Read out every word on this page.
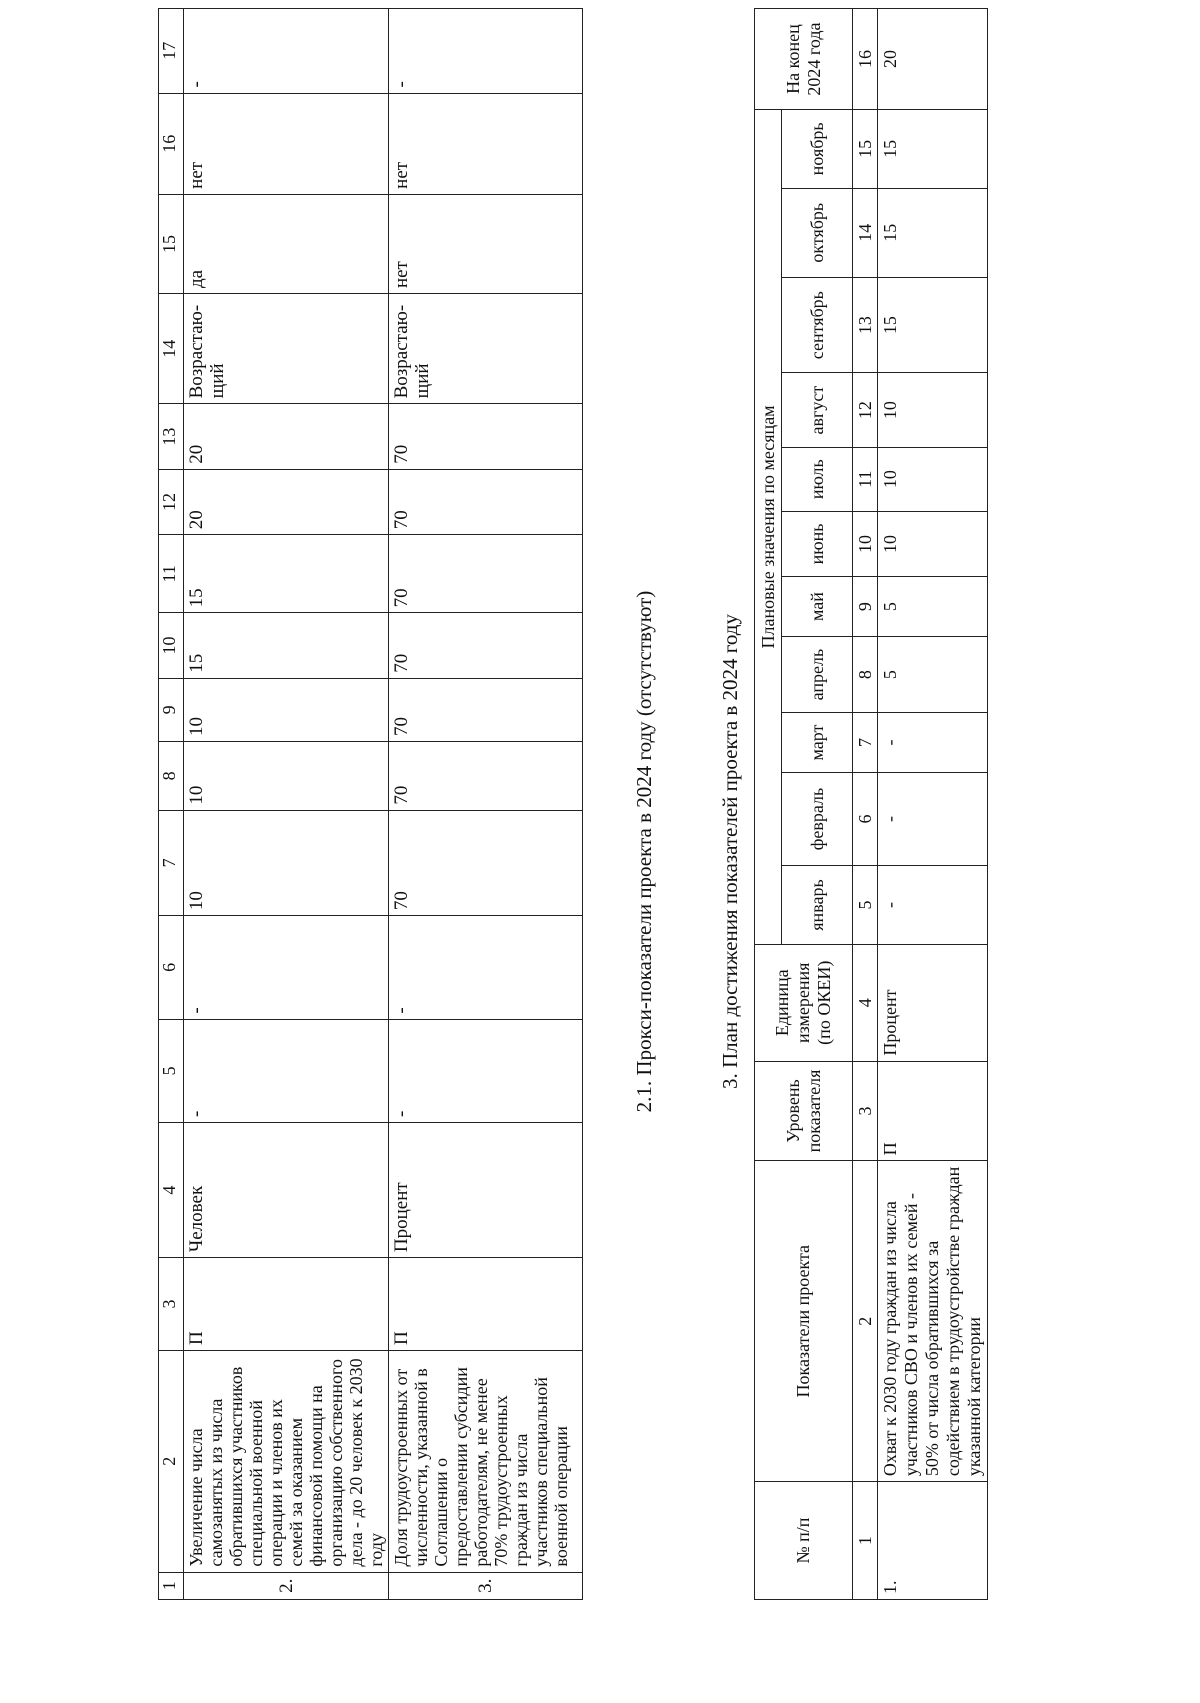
1	2	3	4	5	6	7	8	9	10	11	12	13	14	15	16	17
2.	Увеличение числа самозанятых из числа обратившихся участников специальной военной операции и членов их семей за оказанием финансовой помощи на организацию собственного дела - до 20 человек к 2030 году	П	Человек	-	-	10	10	10	15	15	20	20	Возрастаю-щий	да	нет	-
3.	Доля трудоустроенных от численности, указанной в Соглашении о предоставлении субсидии работодателям, не менее 70% трудоустроенных граждан из числа участников специальной военной операции	П	Процент	-	-	70	70	70	70	70	70	70	Возрастаю-щий	нет	нет	-
2.1. Прокси-показатели проекта в 2024 году (отсутствуют)	3. План достижения показателей проекта в 2024 году
№ п/п	Показатели проекта	Уровень показателя	Единица измерения (по ОКЕИ)	Плановые значения по месяцам											На конец 2024 года
				январь	февраль	март	апрель	май	июнь	июль	август	сентябрь	октябрь	ноябрь	
1	2	3	4	5	6	7	8	9	10	11	12	13	14	15	16
1.	Охват к 2030 году граждан из числа участников СВО и членов их семей - 50% от числа обратившихся за содействием в трудоустройстве граждан указанной категории	П	Процент	-	-	-	5	5	10	10	10	15	15	15	20
